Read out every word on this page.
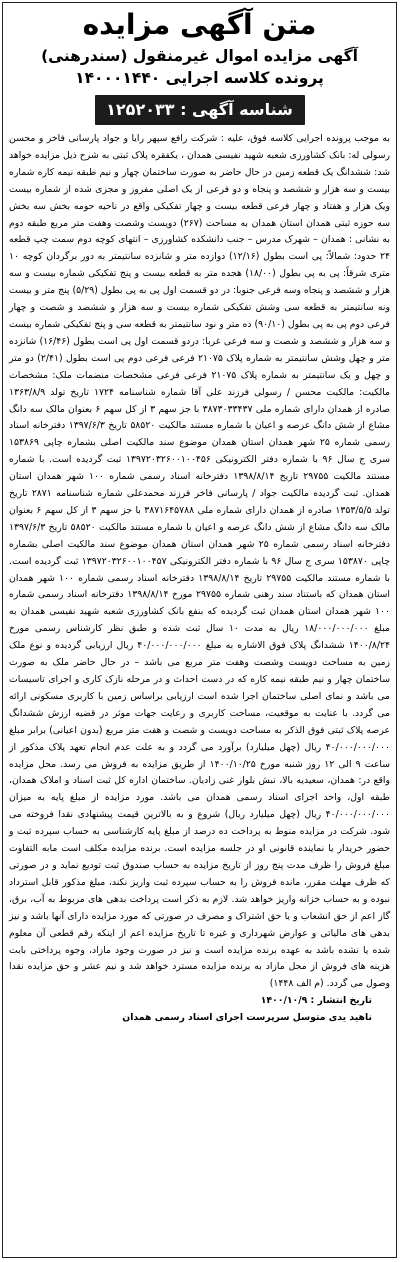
متن آگهی مزایده

آگهی مزایده اموال غیرمنقول (سندرهنی)

پرونده کلاسه اجرایی ۱۴۰۰۰۱۴۴۰

شناسه آگهی : ۱۲۵۲۰۳۳

به موجب پرونده اجرایی کلاسه فوق، علیه : شرکت رافع سپهر رایا و جواد پارسانی فاخر و محسن رسولی له: بانک کشاورزی شعبه شهید نفیسی همدان ، یکفقره پلاک ثبتی به شرح ذیل مزایده خواهد شد: ششدانگ یک قطعه زمین در حال حاضر به صورت ساختمان چهار و نیم طبقه نیمه کاره شماره بیست و سه هزار و ششصد و پنجاه و دو فرعی از یک اصلی مفروز و مجزی شده از شماره بیست ویک هزار و هفتاد و چهار فرعی قطعه بیست و چهار تفکیکی واقع در ناحیه حومه بخش سه بخش سه حوزه ثبتی همدان استان همدان به مساحت (۲۶۷) دویست وشصت وهفت متر مربع طبقه دوم به نشانی : همدان – شهرک مدرس – جنب دانشکده کشاورزی – انتهای کوچه دوم سمت چپ قطعه ۲۴ حدود: شمالاً: پی است بطول (۱۲/۱۶) دوازده متر و شانزده سانتیمتر به دور برگردان کوچه ۱۰ متری شرقاً: پی به پی بطول (۱۸/۰۰) هجده متر به قطعه بیست و پنج تفکیکی شماره بیست و سه هزار و ششصد و پنجاه وسه فرعی جنوبا: در دو قسمت اول پی به پی بطول (۵/۲۹) پنج متر و بیست ونه سانتیمتر به قطعه سی وشش تفکیکی شماره بیست و سه هزار و ششصد و شصت و چهار فرعی دوم پی به پی بطول (۹۰/۱۰) ده متر و نود سانتیمتر به قطعه سی و پنج تفکیکی شماره بیست و سه هزار و ششصد و شصت و سه فرعی غربا: دردو قسمت اول پی است بطول (۱۶/۴۶) شانزده متر و چهل وشش سانتیمتر به شماره پلاک ۲۱۰۷۵ فرعی فرعی دوم پی است بطول (۲/۴۱) دو متر و چهل و یک سانتیمتر به شماره پلاک ۲۱۰۷۵ فرعی فرعی مشخصات منضمات ملک: مشخصات مالکیت: مالکیت محسن / رسولی فرزند علی آقا شماره شناسنامه ۱۷۲۴ تاریخ تولد ۱۳۶۳/۸/۹ صادره از همدان دارای شماره ملی ۳۸۷۳۰۳۳۴۳۷ با جز سهم ۳ از کل سهم ۶ بعنوان مالک سه دانگ مشاع از شش دانگ عرصه و اعیان با شماره مستند مالکیت ۵۸۵۲۰ تاریخ ۱۳۹۷/۶/۳ دفترخانه اسناد رسمی شماره ۲۵ شهر همدان استان همدان موضوع سند مالکیت اصلی بشماره چاپی ۱۵۳۸۶۹ سری ج سال ۹۶ با شماره دفتر الکترونیکی ۱۳۹۷۲۰۳۲۶۰۰۱۰۰۴۵۶ ثبت گردیده است. با شماره مستند مالکیت ۲۹۷۵۵ تاریخ ۱۳۹۸/۸/۱۴ دفترخانه اسناد رسمی شماره ۱۰۰ شهر همدان استان همدان. ثبت گردیده مالکیت جواد / پارسانی فاخر فرزند محمدعلی شماره شناسنامه ۲۸۷۱ تاریخ تولد ۱۳۵۳/۵/۵ صادره از همدان دارای شماره ملی ۳۸۷۱۶۴۵۷۸۸ با جز سهم ۳ از کل سهم ۶ بعنوان مالک سه دانگ مشاع از شش دانگ عرصه و اعیان با شماره مستند مالکیت ۵۸۵۲۰ تاریخ ۱۳۹۷/۶/۳ دفترخانه اسناد رسمی شماره ۲۵ شهر همدان استان همدان موضوع سند مالکیت اصلی بشماره چاپی ۱۵۳۸۷۰ سری ج سال ۹۶ با شماره دفتر الکترونیکی ۱۳۹۷۲۰۳۲۶۰۰۱۰۰۴۵۷ ثبت گردیده است. با شماره مستند مالکیت ۲۹۷۵۵ تاریخ ۱۳۹۸/۸/۱۴ دفترخانه اسناد رسمی شماره ۱۰۰ شهر همدان استان همدان که باستناد سند رهنی شماره ۲۹۷۵۵ مورخ ۱۳۹۸/۸/۱۴ دفترخانه اسناد رسمی شماره ۱۰۰ شهر همدان استان همدان ثبت گردیده که بنفع بانک کشاورزی شعبه شهید نفیسی همدان به مبلغ ۱۸/۰۰۰/۰۰۰/۰۰۰ ریال به مدت ۱۰ سال ثبت شده و طبق نظر کارشناس رسمی مورخ ۱۴۰۰/۸/۲۴ ششدانگ پلاک فوق الاشاره به مبلغ ۴۰/۰۰۰/۰۰۰/۰۰۰ ریال ارزیابی گردیده و نوع ملک زمین به مساحت دویست وشصت وهفت متر مربع می باشد – در حال حاضر ملک به صورت ساختمان چهار و نیم طبقه نیمه کاره که در دست احداث و در مرحله نازک کاری و اجرای تاسیسات می باشد و نمای اصلی ساختمان اجرا شده است ارزیابی براساس زمین با کاربری مسکونی ارائه می گردد. با عنایت به موقعیت، مساحت کاربری و رعایت جهات موثر در قضیه ارزش ششدانگ عرصه پلاک ثبتی فوق الذکر به مساحت دویست و شصت و هفت متر مربع (بدون اعیانی) برابر مبلغ ۴۰/۰۰۰/۰۰۰/۰۰۰ ریال (چهل میلیارد) برآورد می گردد و به علت عدم انجام تعهد پلاک مذکور از ساعت ۹ الی ۱۲ روز شنبه مورخ ۱۴۰۰/۱۰/۲۵ از طریق مزایده به فروش می رسد. محل مزایده واقع در: همدان، سعیدیه بالا، نبش بلوار غنی زادیان. ساختمان اداره کل ثبت اسناد و املاک همدان، طبقه اول، واحد اجرای اسناد رسمی همدان می باشد. مورد مزایده از مبلغ پایه به میزان ۴۰/۰۰۰/۰۰۰/۰۰۰ ریال (چهل میلیارد ریال) شروع و به بالاترین قیمت پیشنهادی نقدا فروخته می شود. شرکت در مزایده منوط به پرداخت ده درصد از مبلغ پایه کارشناسی به حساب سپرده ثبت و حضور خریدار یا نماینده قانونی او در جلسه مزایده است. برنده مزایده مکلف است مابه التفاوت مبلغ فروش را ظرف مدت پنج روز از تاریخ مزایده به حساب صندوق ثبت تودیع نماید و در صورتی که ظرف مهلت مقرر، مانده فروش را به حساب سپرده ثبت واریز نکند، مبلغ مذکور قابل استرداد نبوده و به حساب خزانه واریز خواهد شد. لازم به ذکر است پرداخت بدهی های مربوط به آب، برق، گاز اعم از حق انشعاب و یا حق اشتراک و مصرف در صورتی که مورد مزایده دارای آنها باشد و نیز بدهی های مالیاتی و عوارض شهرداری و غیره تا تاریخ مزایده اعم از اینکه رقم قطعی آن معلوم شده یا نشده باشد به عهده برنده مزایده است و نیز در صورت وجود مازاد، وجوه پرداختی بابت هزینه های فروش از محل مازاد به برنده مزایده مسترد خواهد شد و نیم عشر و حق مزایده نقدا وصول می گردد. (م الف ۱۴۴۸)

تاریخ انتشار : ۱۴۰۰/۱۰/۹

ناهید یدی متوسل سرپرست اجرای اسناد رسمی همدان
